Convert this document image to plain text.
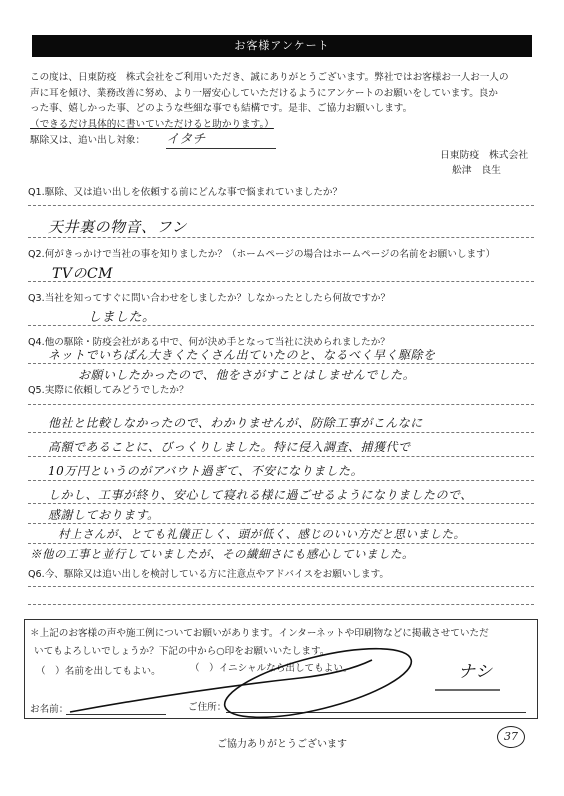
お客様アンケート
この度は、日東防疫　株式会社をご利用いただき、誠にありがとうございます。弊社ではお客様お一人お一人の
声に耳を傾け、業務改善に努め、より一層安心していただけるようにアンケートのお願いをしています。良か
った事、嬉しかった事、どのような些細な事でも結構です。是非、ご協力お願いします。
（できるだけ具体的に書いていただけると助かります。）
駆除又は、追い出し対象： イタチ
日東防疫　株式会社
舩津　良生
Q1.駆除、又は追い出しを依頼する前にどんな事で悩まれていましたか？
天井裏の物音、フン
Q2.何がきっかけで当社の事を知りましたか？（ホームページの場合はホームページの名前をお願いします）
TVのCM
Q3.当社を知ってすぐに問い合わせをしましたか？しなかったとしたら何故ですか？
しました。
Q4.他の駆除・防疫会社がある中で、何が決め手となって当社に決められましたか？
ネットでいちばん大きくたくさん出ていたのと、なるべく早く駆除を
お願いしたかったので、他をさがすことはしませんでした。
Q5.実際に依頼してみどうでしたか？
他社と比較しなかったので、わかりませんが、防除工事がこんなに
高額であることに、びっくりしました。特に侵入調査、捕獲代で
10万円というのがアバウト過ぎて、不安になりました。
しかし、工事が終り、安心して寝れる様に過ごせるようになりましたので、
感謝しております。
村上さんが、とても礼儀正しく、頭が低く、感じのいい方だと思いました。
※他の工事と並行していましたが、その繊細さにも感心していました。
Q6.今、駆除又は追い出しを検討している方に注意点やアドバイスをお願いします。
＊上記のお客様の声や施工例についてお願いがあります。インターネットや印刷物などに掲載させていただ
いてもよろしいでしょうか？下記の中から○印をお願いいたします。
（　）名前を出してもよい。	（　）イニシャルなら出してもよい。	ナシ
お名前：	ご住所：
ご協力ありがとうございます
37
